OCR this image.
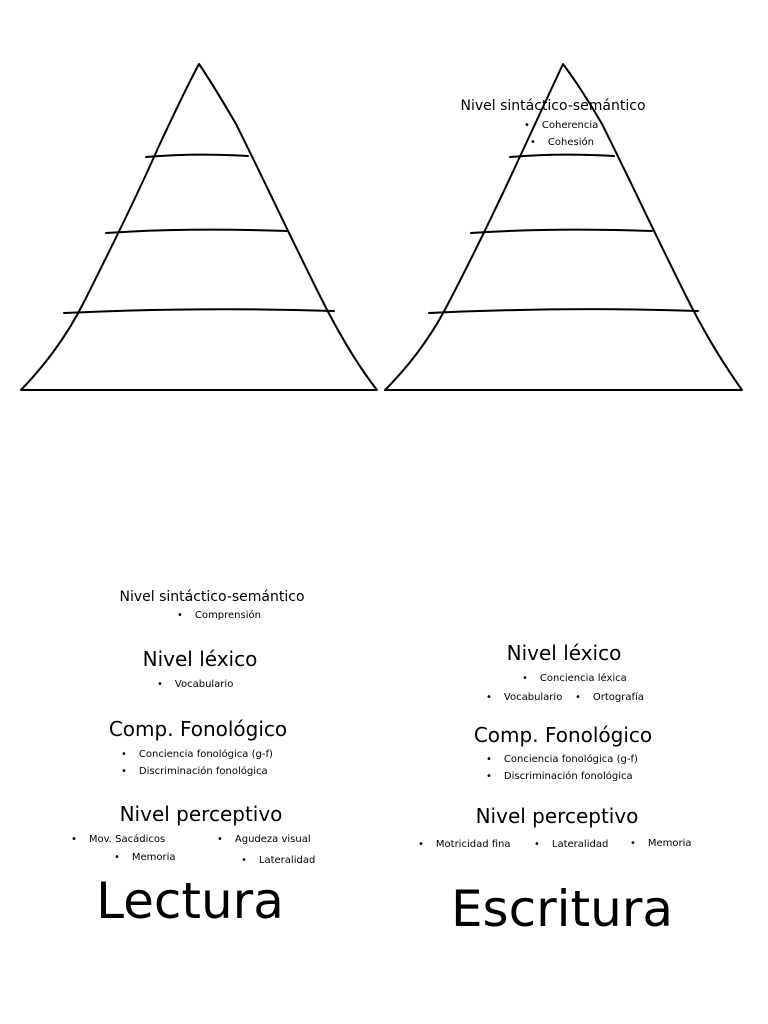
Nivel sintáctico-semántico
• Coherencia
• Cohesión
Nivel sintáctico-semántico
• Comprensión
Nivel léxico
• Vocabulario
Comp. Fonológico
• Conciencia fonológica (g-f)
• Discriminación fonológica
Nivel perceptivo
• Mov. Sacádicos	• Agudeza visual
• Memoria	• Lateralidad
Lectura
Nivel léxico
• Conciencia léxica
• Vocabulario	• Ortografía
Comp. Fonológico
• Conciencia fonológica (g-f)
• Discriminación fonológica
Nivel perceptivo
• Motricidad fina	• Lateralidad	• Memoria
Escritura
